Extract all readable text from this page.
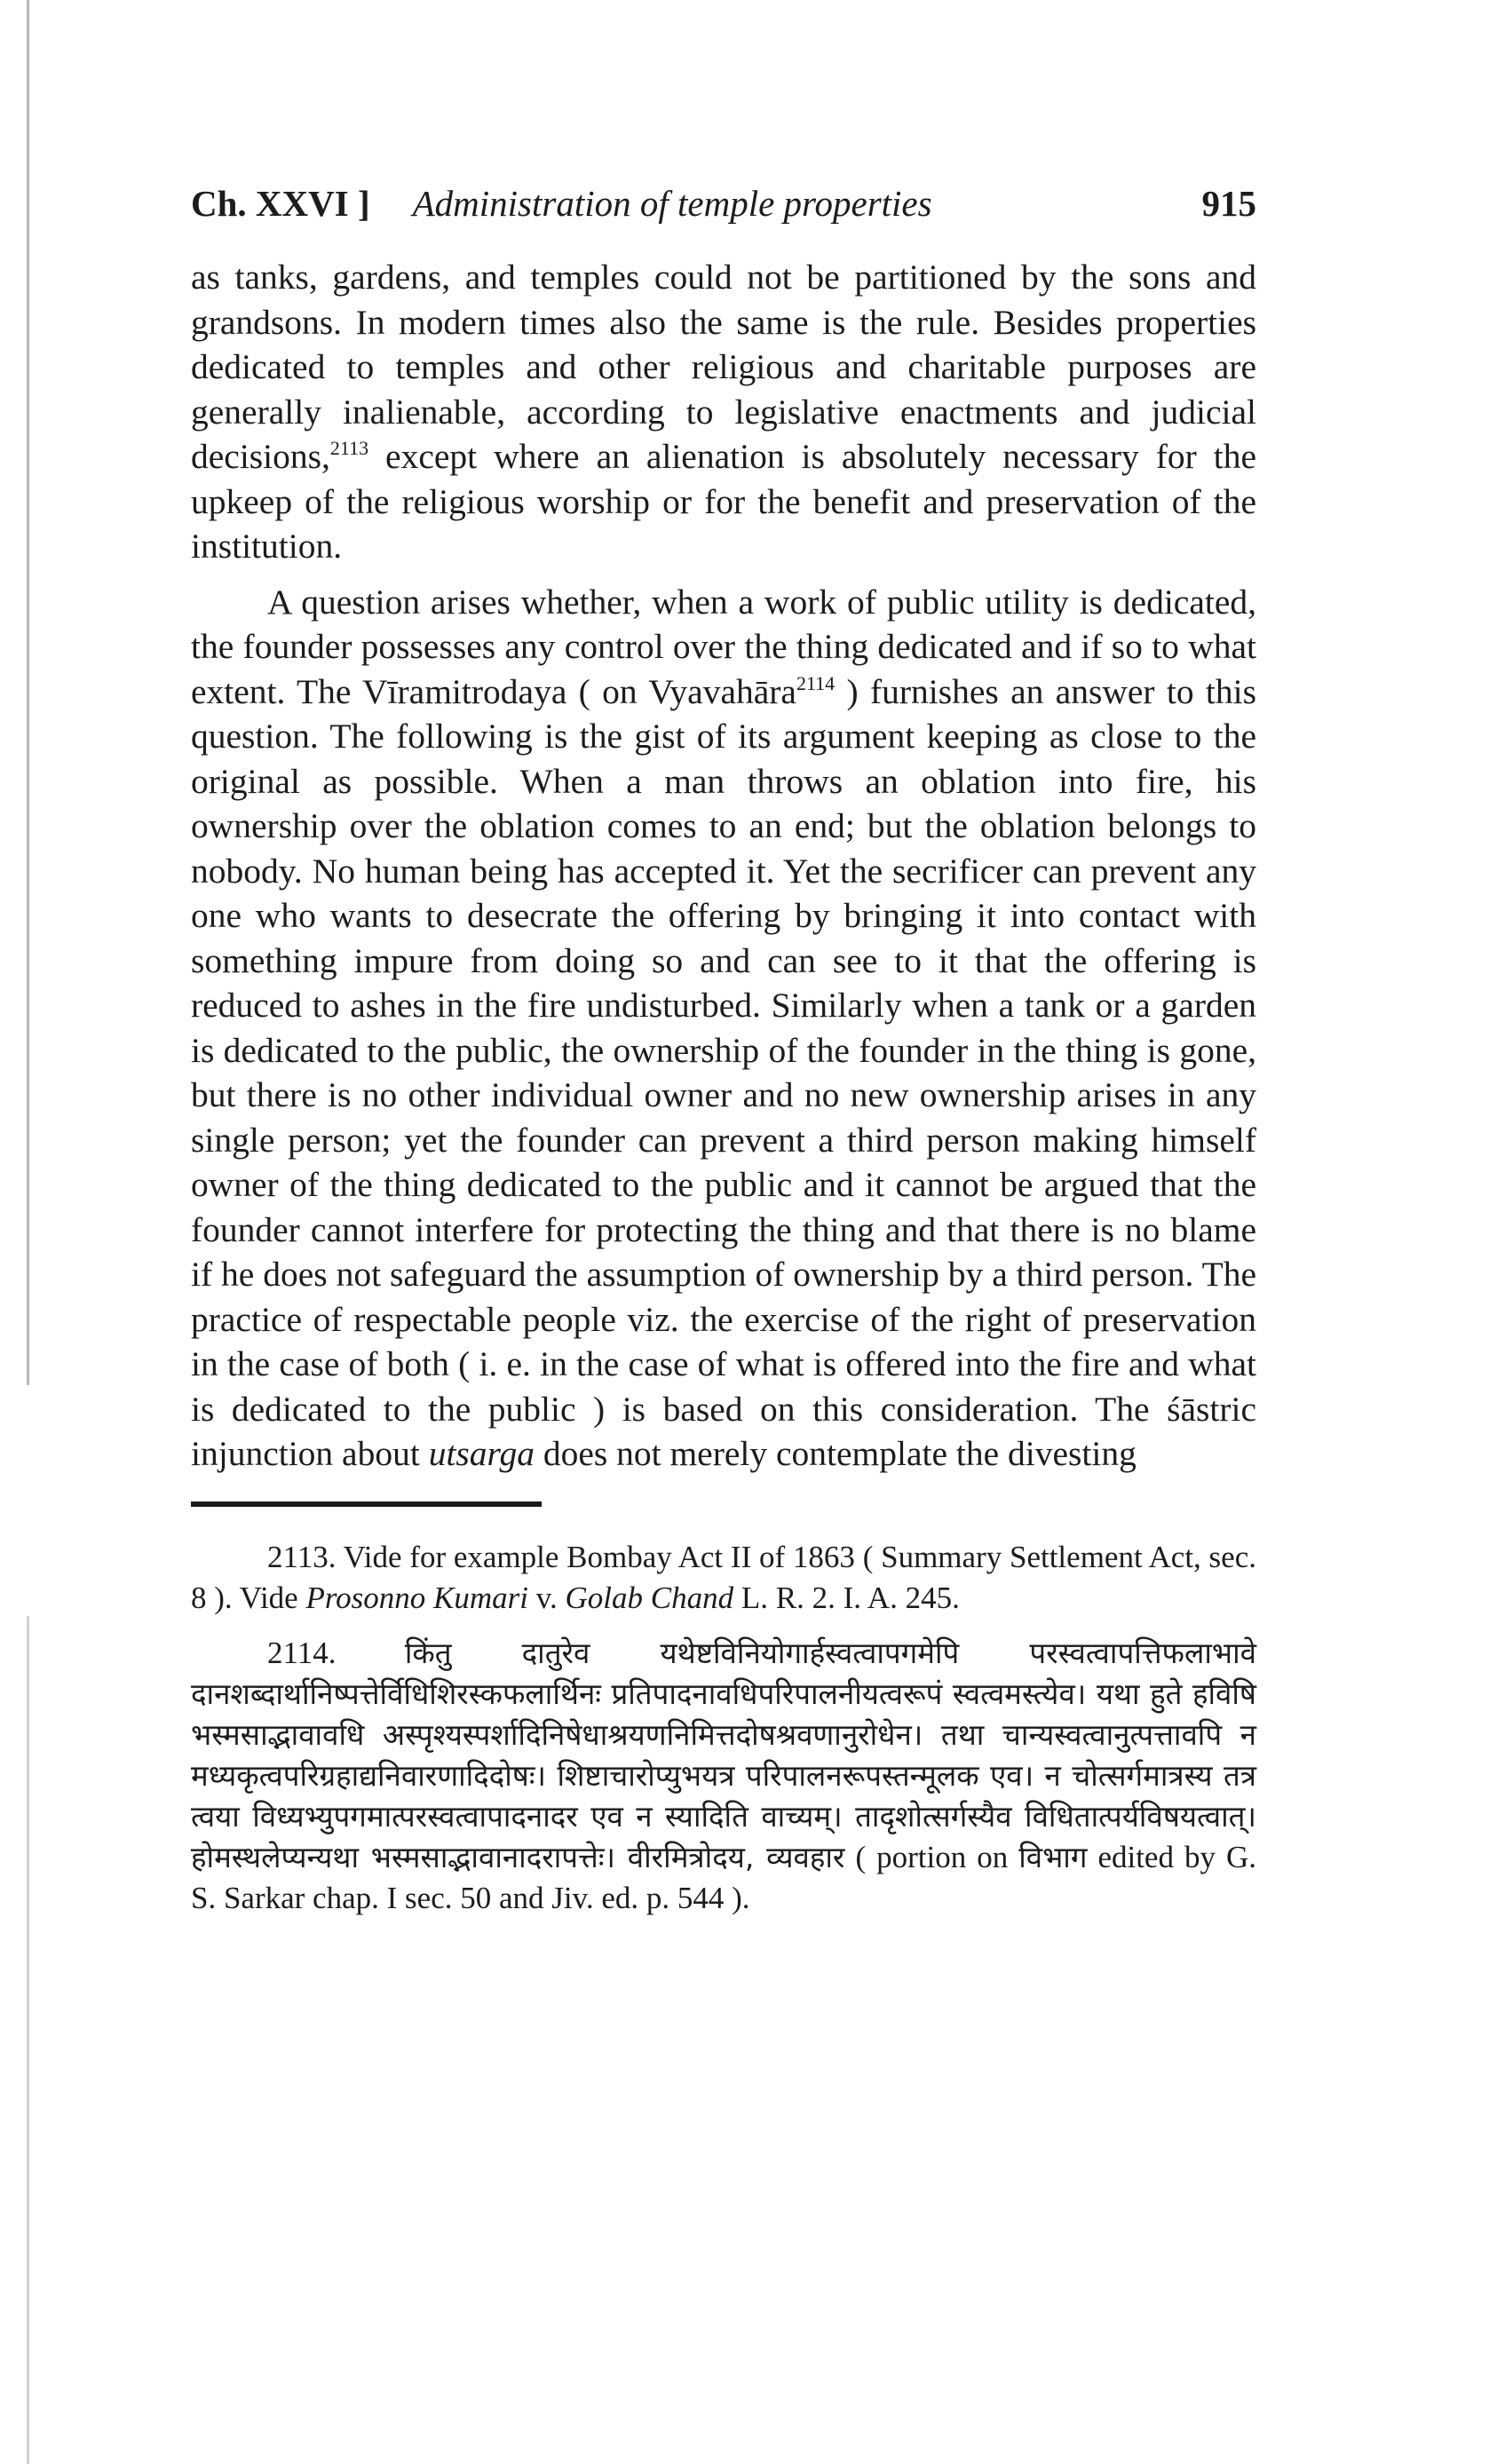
Ch. XXVI ] Administration of temple properties	915

as tanks, gardens, and temples could not be partitioned by the sons and grandsons. In modern times also the same is the rule. Besides properties dedicated to temples and other religious and charitable purposes are generally inalienable, according to legislative enactments and judicial decisions,$^{2113}$ except where an alienation is absolutely necessary for the upkeep of the religious worship or for the benefit and preservation of the institution.

A question arises whether, when a work of public utility is dedicated, the founder possesses any control over the thing dedicated and if so to what extent. The Vīramitrodaya ( on Vyavahāra$^{2114}$ ) furnishes an answer to this question. The following is the gist of its argument keeping as close to the original as possible. When a man throws an oblation into fire, his ownership over the oblation comes to an end; but the oblation belongs to nobody. No human being has accepted it. Yet the secrificer can prevent any one who wants to desecrate the offering by bringing it into contact with something impure from doing so and can see to it that the offering is reduced to ashes in the fire undisturbed. Similarly when a tank or a garden is dedicated to the public, the ownership of the founder in the thing is gone, but there is no other individual owner and no new ownership arises in any single person; yet the founder can prevent a third person making himself owner of the thing dedicated to the public and it cannot be argued that the founder cannot interfere for protecting the thing and that there is no blame if he does not safeguard the assumption of ownership by a third person. The practice of respectable people viz. the exercise of the right of preservation in the case of both ( i. e. in the case of what is offered into the fire and what is dedicated to the public ) is based on this consideration. The śāstric injunction about utsarga does not merely contemplate the divesting

2113. Vide for example Bombay Act II of 1863 ( Summary Settlement Act, sec. 8 ). Vide Prosonno Kumari v. Golab Chand L. R. 2. I. A. 245.

2114. किंतु दातुरेव यथेष्टविनियोगार्हस्वत्वापगमेपि परस्वत्वापत्तिफलाभावे दानशब्दार्थानिष्पत्तेर्विधिशिरस्कफलार्थिनः प्रतिपादनावधिपरिपालनीयत्वरूपं स्वत्वमस्त्येव। यथा हुते हविषि भस्मसाद्भावावधि अस्पृश्यस्पर्शादिनिषेधाश्रयणनिमित्तदोषश्रवणानुरोधेन। तथा चान्यस्वत्वानुत्पत्तावपि न मध्यकृत्वपरिग्रहाद्यनिवारणादिदोषः। शिष्टाचारोप्युभयत्र परिपालनरूपस्तन्मूलक एव। न चोत्सर्गमात्रस्य तत्र त्वया विध्यभ्युपगमात्परस्वत्वापादनादर एव न स्यादिति वाच्यम्। तादृशोत्सर्गस्यैव विधितात्पर्यविषयत्वात्। होमस्थलेप्यन्यथा भस्मसाद्भावानादरापत्तेः। वीरमित्रोदय, व्यवहार ( portion on विभाग edited by G. S. Sarkar chap. I sec. 50 and Jiv. ed. p. 544 ).
